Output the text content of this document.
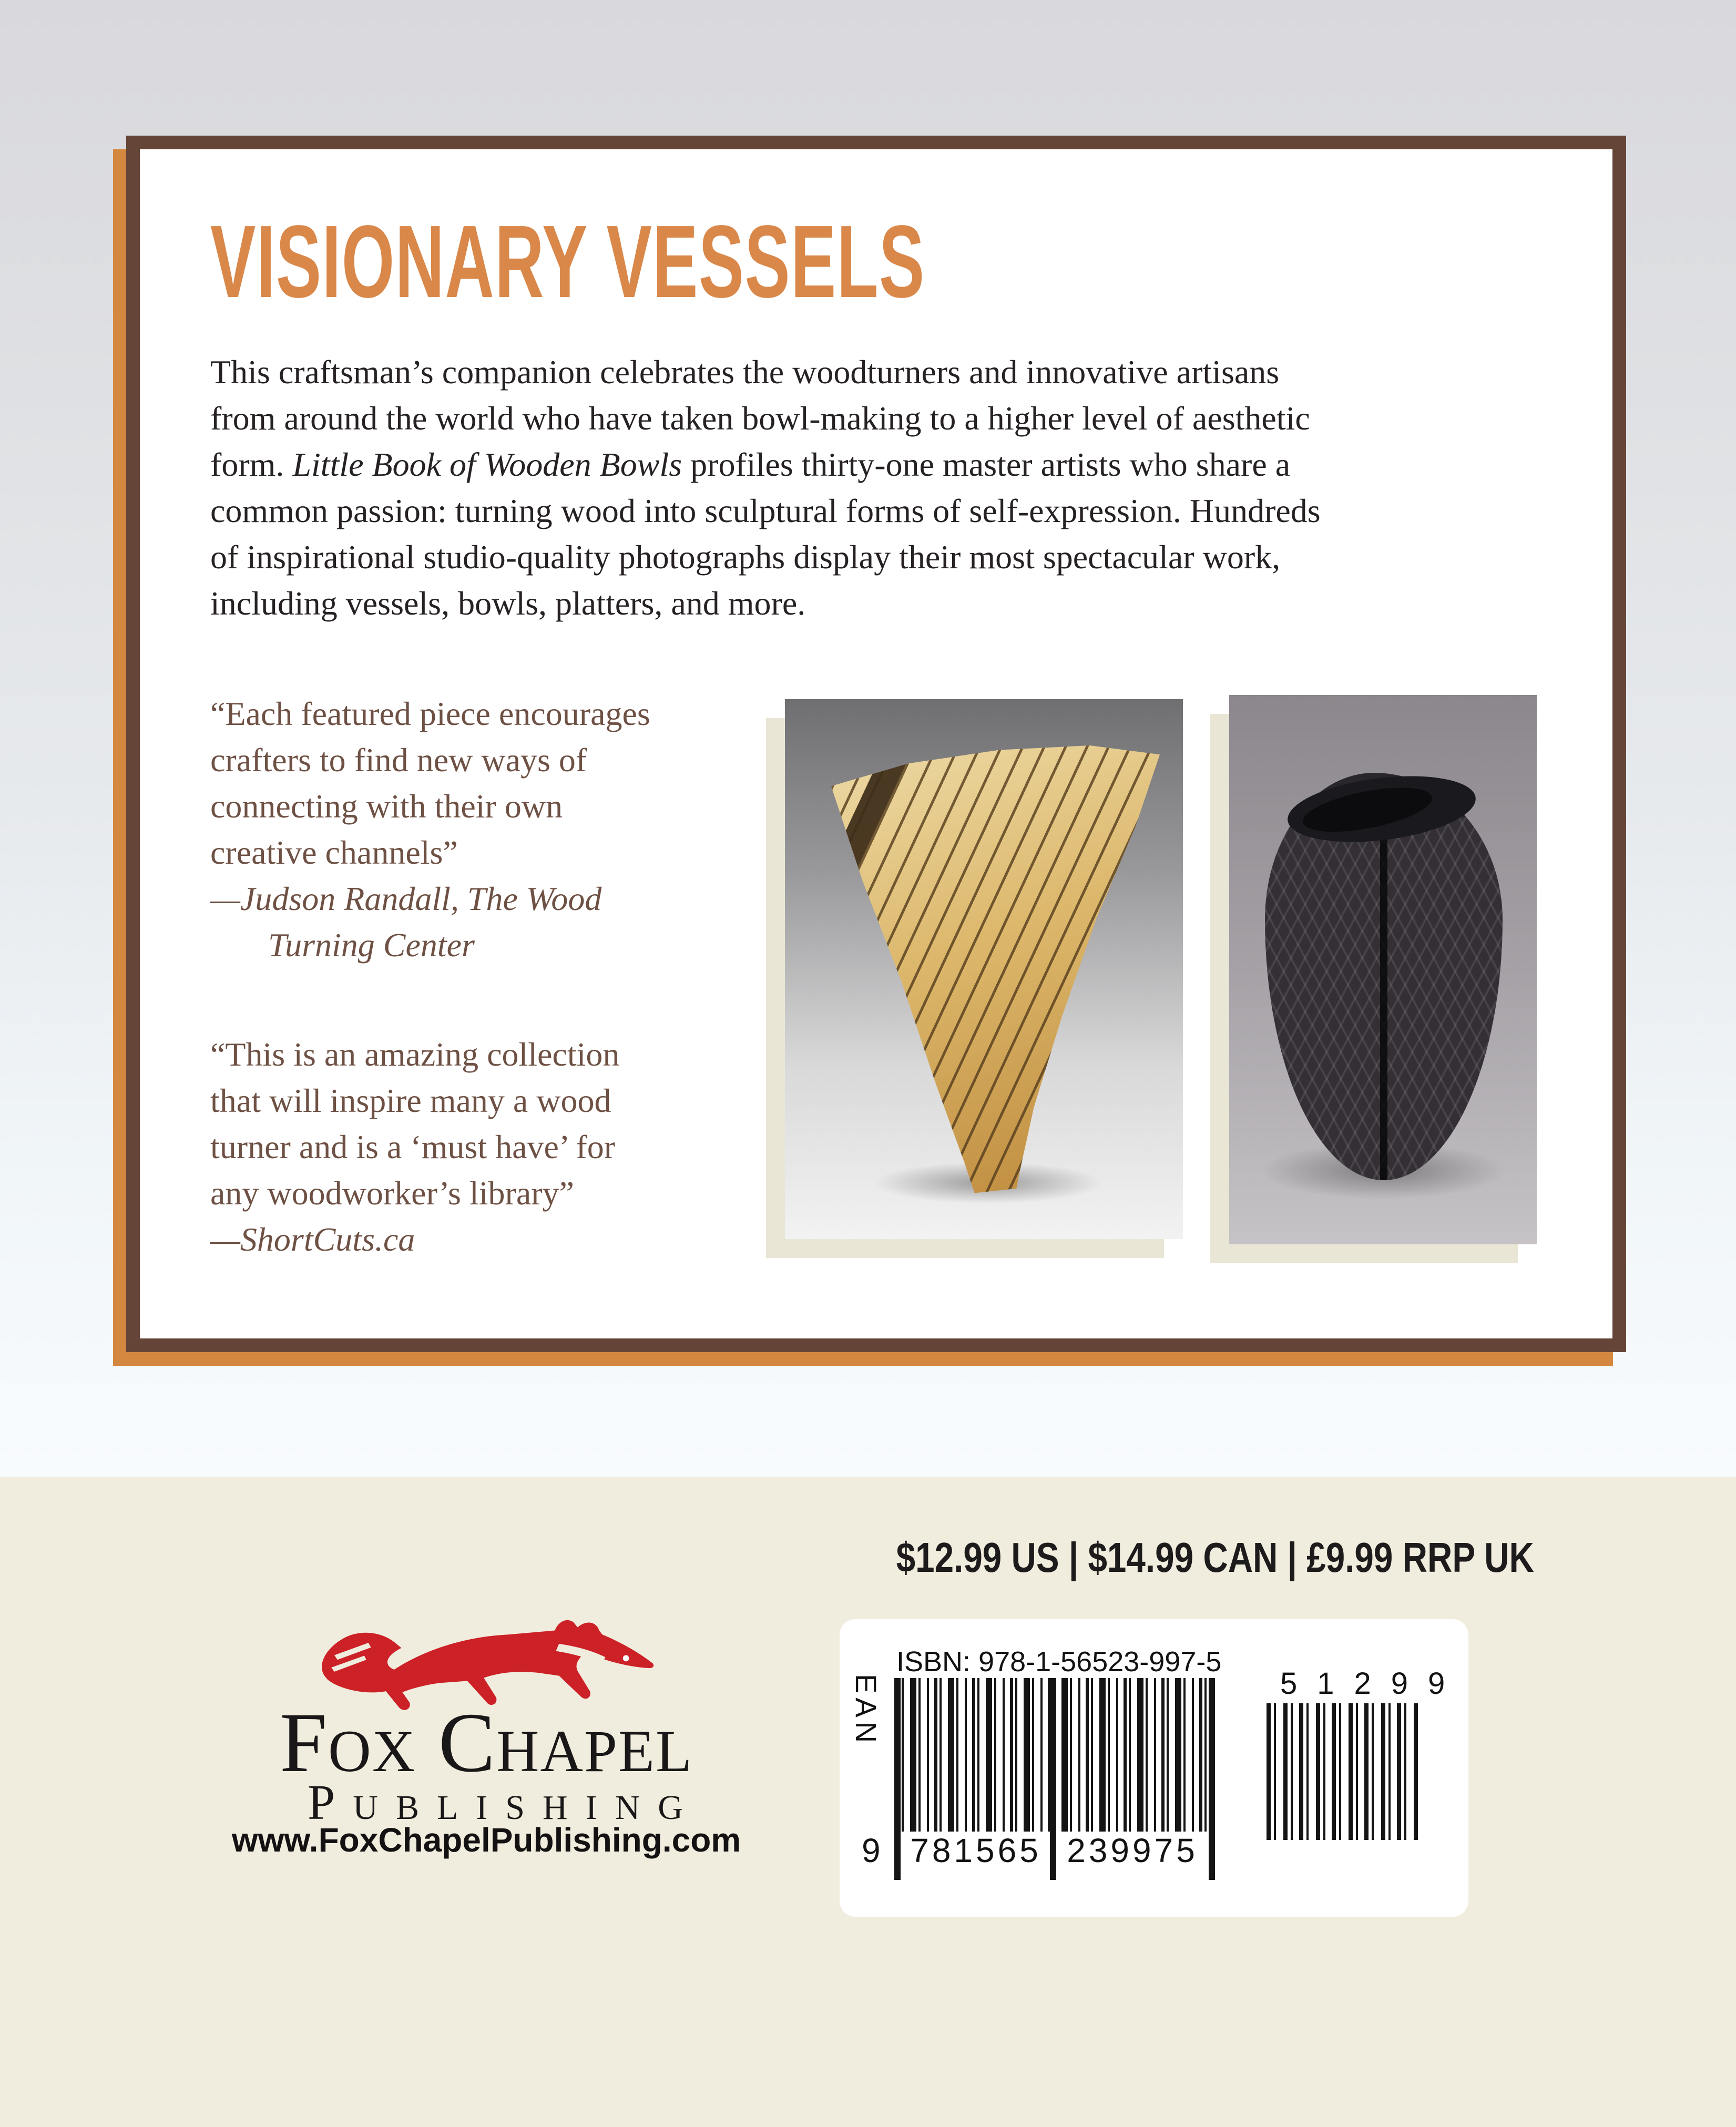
VISIONARY VESSELS
This craftsman’s companion celebrates the woodturners and innovative artisans
from around the world who have taken bowl-making to a higher level of aesthetic
form. Little Book of Wooden Bowls profiles thirty-one master artists who share a
common passion: turning wood into sculptural forms of self-expression. Hundreds
of inspirational studio-quality photographs display their most spectacular work,
including vessels, bowls, platters, and more.
“Each featured piece encourages
crafters to find new ways of
connecting with their own
creative channels”
—Judson Randall, The Wood
Turning Center
“This is an amazing collection
that will inspire many a wood
turner and is a ‘must have’ for
any woodworker’s library”
—ShortCuts.ca
$12.99 US | $14.99 CAN | £9.99 RRP UK
Fox Chapel
Publishing
www.FoxChapelPublishing.com
ISBN: 978-1-56523-997-5
EAN
9 781565 239975
51299
